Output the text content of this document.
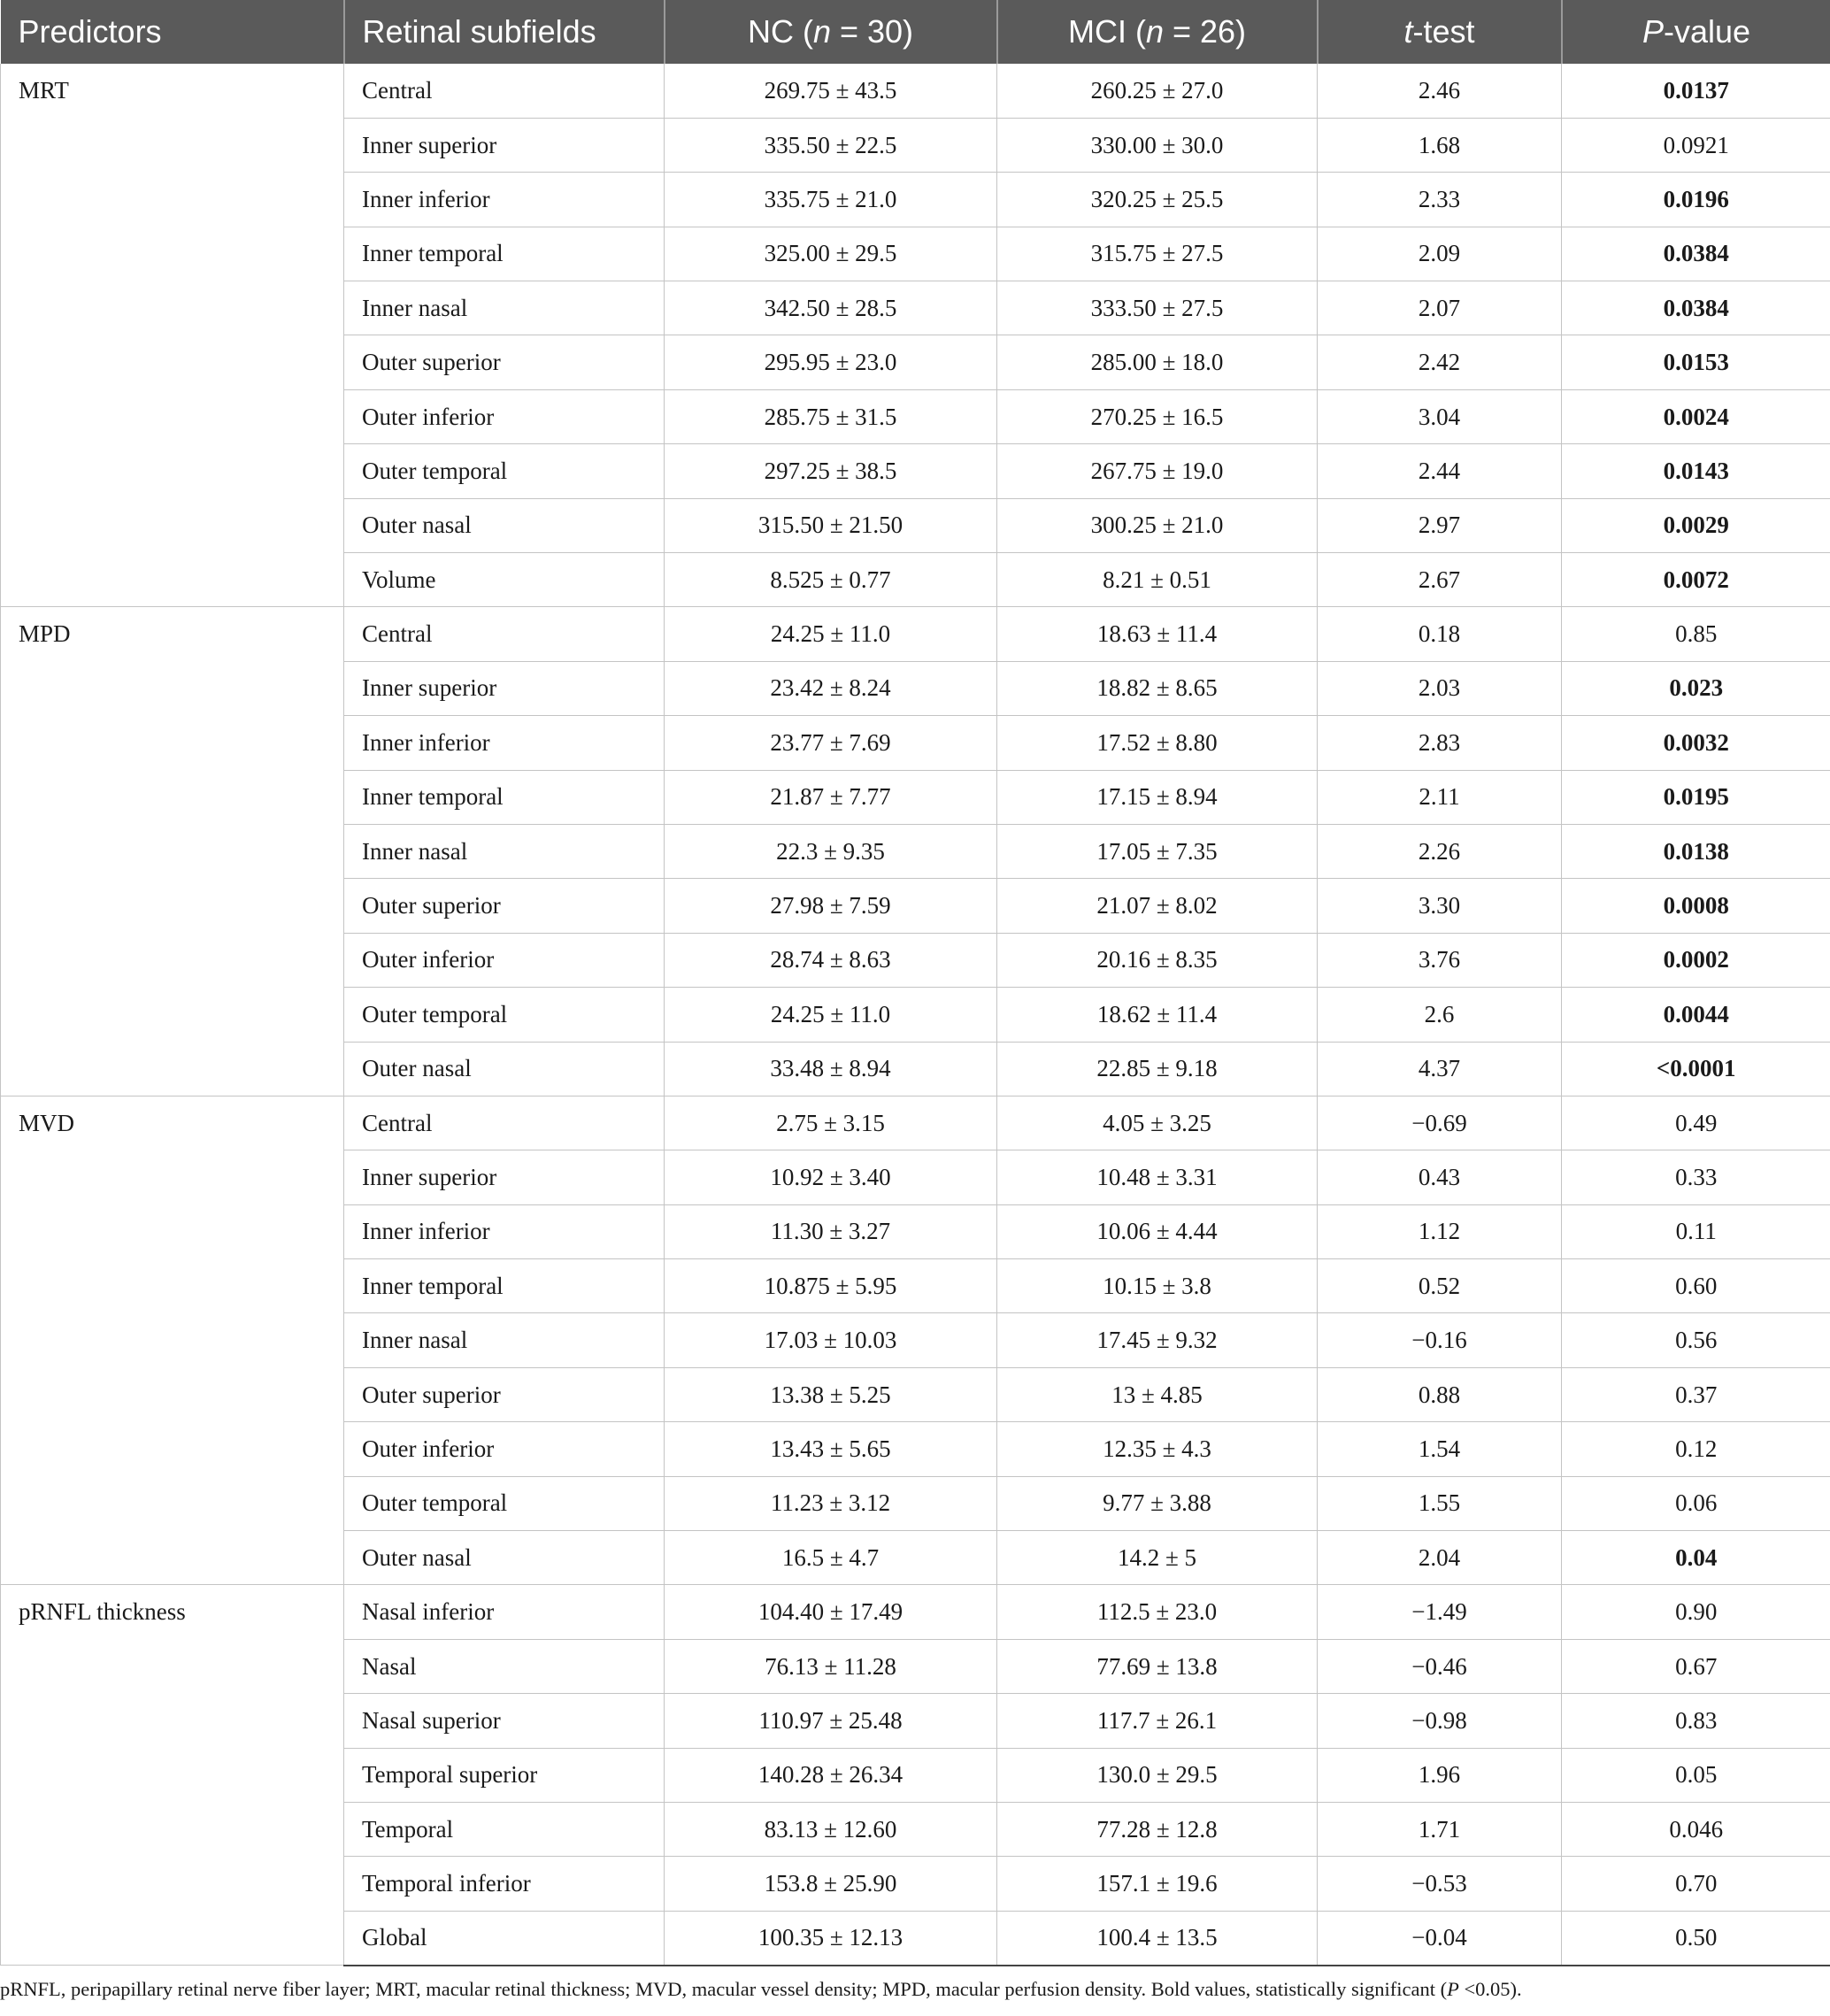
Predictors	Retinal subfields	NC (n = 30)	MCI (n = 26)	t-test	P-value
MRT	Central	269.75 ± 43.5	260.25 ± 27.0	2.46	0.0137
	Inner superior	335.50 ± 22.5	330.00 ± 30.0	1.68	0.0921
	Inner inferior	335.75 ± 21.0	320.25 ± 25.5	2.33	0.0196
	Inner temporal	325.00 ± 29.5	315.75 ± 27.5	2.09	0.0384
	Inner nasal	342.50 ± 28.5	333.50 ± 27.5	2.07	0.0384
	Outer superior	295.95 ± 23.0	285.00 ± 18.0	2.42	0.0153
	Outer inferior	285.75 ± 31.5	270.25 ± 16.5	3.04	0.0024
	Outer temporal	297.25 ± 38.5	267.75 ± 19.0	2.44	0.0143
	Outer nasal	315.50 ± 21.50	300.25 ± 21.0	2.97	0.0029
	Volume	8.525 ± 0.77	8.21 ± 0.51	2.67	0.0072
MPD	Central	24.25 ± 11.0	18.63 ± 11.4	0.18	0.85
	Inner superior	23.42 ± 8.24	18.82 ± 8.65	2.03	0.023
	Inner inferior	23.77 ± 7.69	17.52 ± 8.80	2.83	0.0032
	Inner temporal	21.87 ± 7.77	17.15 ± 8.94	2.11	0.0195
	Inner nasal	22.3 ± 9.35	17.05 ± 7.35	2.26	0.0138
	Outer superior	27.98 ± 7.59	21.07 ± 8.02	3.30	0.0008
	Outer inferior	28.74 ± 8.63	20.16 ± 8.35	3.76	0.0002
	Outer temporal	24.25 ± 11.0	18.62 ± 11.4	2.6	0.0044
	Outer nasal	33.48 ± 8.94	22.85 ± 9.18	4.37	<0.0001
MVD	Central	2.75 ± 3.15	4.05 ± 3.25	−0.69	0.49
	Inner superior	10.92 ± 3.40	10.48 ± 3.31	0.43	0.33
	Inner inferior	11.30 ± 3.27	10.06 ± 4.44	1.12	0.11
	Inner temporal	10.875 ± 5.95	10.15 ± 3.8	0.52	0.60
	Inner nasal	17.03 ± 10.03	17.45 ± 9.32	−0.16	0.56
	Outer superior	13.38 ± 5.25	13 ± 4.85	0.88	0.37
	Outer inferior	13.43 ± 5.65	12.35 ± 4.3	1.54	0.12
	Outer temporal	11.23 ± 3.12	9.77 ± 3.88	1.55	0.06
	Outer nasal	16.5 ± 4.7	14.2 ± 5	2.04	0.04
pRNFL thickness	Nasal inferior	104.40 ± 17.49	112.5 ± 23.0	−1.49	0.90
	Nasal	76.13 ± 11.28	77.69 ± 13.8	−0.46	0.67
	Nasal superior	110.97 ± 25.48	117.7 ± 26.1	−0.98	0.83
	Temporal superior	140.28 ± 26.34	130.0 ± 29.5	1.96	0.05
	Temporal	83.13 ± 12.60	77.28 ± 12.8	1.71	0.046
	Temporal inferior	153.8 ± 25.90	157.1 ± 19.6	−0.53	0.70
	Global	100.35 ± 12.13	100.4 ± 13.5	−0.04	0.50
pRNFL, peripapillary retinal nerve fiber layer; MRT, macular retinal thickness; MVD, macular vessel density; MPD, macular perfusion density. Bold values, statistically significant (P <0.05).
